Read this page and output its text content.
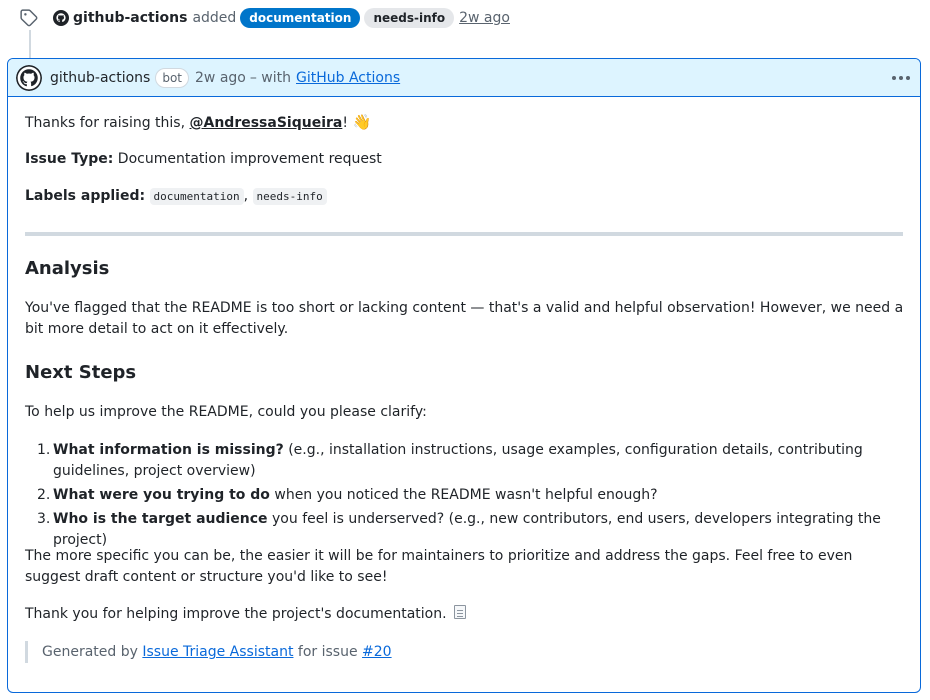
github-actions added	documentation	needs-info	2w ago
github-actions	bot 2w ago – with GitHub Actions
Thanks for raising this, @AndressaSiqueira! 👋
Issue Type: Documentation improvement request
Labels applied: documentation , needs-info
Analysis
You've flagged that the README is too short or lacking content — that's a valid and helpful observation! However, we need a bit more detail to act on it effectively.
Next Steps
To help us improve the README, could you please clarify:
1. What information is missing? (e.g., installation instructions, usage examples, configuration details, contributing guidelines, project overview)
2. What were you trying to do when you noticed the README wasn't helpful enough?
3. Who is the target audience you feel is underserved? (e.g., new contributors, end users, developers integrating the project)
The more specific you can be, the easier it will be for maintainers to prioritize and address the gaps. Feel free to even suggest draft content or structure you'd like to see!
Thank you for helping improve the project's documentation.
Generated by Issue Triage Assistant for issue #20
